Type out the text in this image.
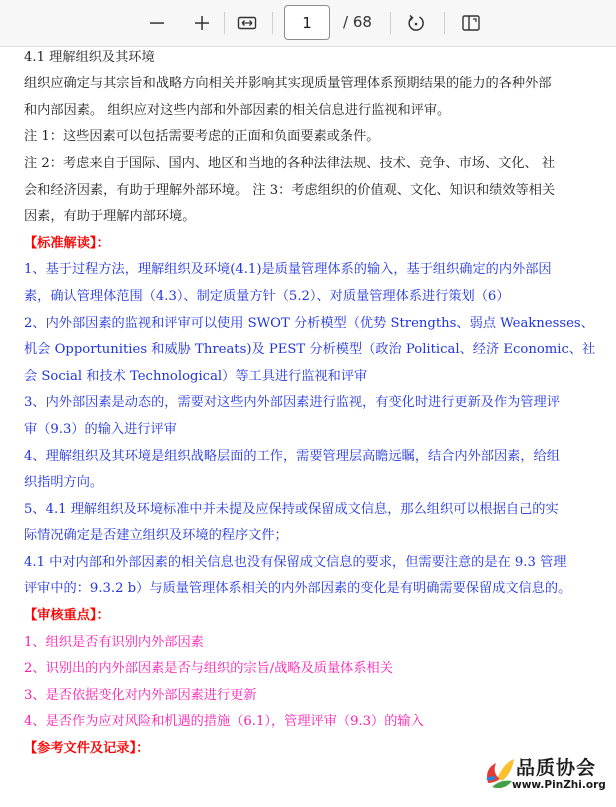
1	/ 68
4.1 理解组织及其环境
组织应确定与其宗旨和战略方向相关并影响其实现质量管理体系预期结果的能力的各种外部
和内部因素。 组织应对这些内部和外部因素的相关信息进行监视和评审。
注 1：这些因素可以包括需要考虑的正面和负面要素或条件。
注 2：考虑来自于国际、国内、地区和当地的各种法律法规、技术、竞争、市场、文化、 社
会和经济因素，有助于理解外部环境。 注 3：考虑组织的价值观、文化、知识和绩效等相关
因素，有助于理解内部环境。
【标准解读】：
1、基于过程方法，理解组织及环境(4.1)是质量管理体系的输入，基于组织确定的内外部因
素，确认管理体范围（4.3）、制定质量方针（5.2）、对质量管理体系进行策划（6）
2、内外部因素的监视和评审可以使用 SWOT 分析模型（优势 Strengths、弱点 Weaknesses、
机会 Opportunities 和威胁 Threats)及 PEST 分析模型（政治 Political、经济 Economic、社
会 Social 和技术 Technological）等工具进行监视和评审
3、内外部因素是动态的，需要对这些内外部因素进行监视，有变化时进行更新及作为管理评
审（9.3）的输入进行评审
4、理解组织及其环境是组织战略层面的工作，需要管理层高瞻远瞩，结合内外部因素，给组
织指明方向。
5、4.1 理解组织及环境标准中并未提及应保持或保留成文信息，那么组织可以根据自己的实
际情况确定是否建立组织及环境的程序文件；
4.1 中对内部和外部因素的相关信息也没有保留成文信息的要求，但需要注意的是在 9.3 管理
评审中的：9.3.2 b）与质量管理体系相关的内外部因素的变化是有明确需要保留成文信息的。
【审核重点】：
1、组织是否有识别内外部因素
2、识别出的内外部因素是否与组织的宗旨/战略及质量体系相关
3、是否依据变化对内外部因素进行更新
4、是否作为应对风险和机遇的措施（6.1），管理评审（9.3）的输入
【参考文件及记录】：
品质协会
www.PinZhi.org
